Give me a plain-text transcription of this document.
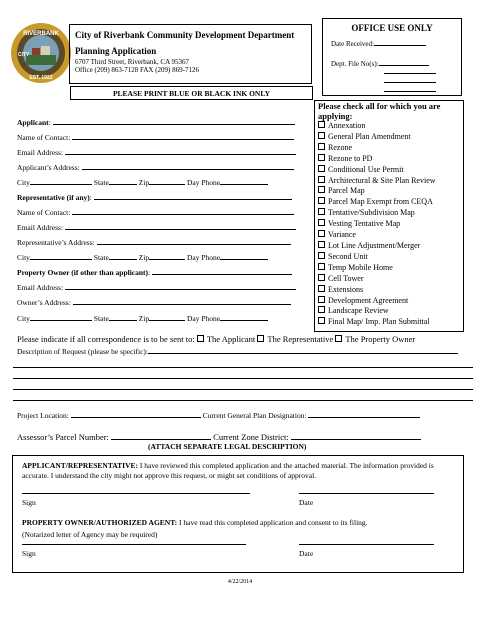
RIVERBANK
EST. 1922
CITY
City of Riverbank Community Development Department
Planning Application
6707 Third Street, Riverbank, CA 95367
Office (209) 863-7128 FAX (209) 869-7126
OFFICE USE ONLY
Date Received:
Dept. File No(s):
PLEASE PRINT BLUE OR BLACK INK ONLY
Applicant:
Name of Contact:
Email Address:
Applicant’s Address:
City	State	Zip	Day Phone
Representative (if any):
Name of Contact:
Email Address:
Representative’s Address:
City	State	Zip	Day Phone
Property Owner (if other than applicant):
Email Address:
Owner’s Address:
City	State	Zip	Day Phone
Please check all for which you are applying:
Annexation
General Plan Amendment
Rezone
Rezone to PD
Conditional Use Permit
Architectural & Site Plan Review
Parcel Map
Parcel Map Exempt from CEQA
Tentative/Subdivision Map
Vesting Tentative Map
Variance
Lot Line Adjustment/Merger
Second Unit
Temp Mobile Home
Cell Tower
Extensions
Development Agreement
Landscape Review
Final Map/ Imp. Plan Submittal
Please indicate if all correspondence is to be sent to: The Applicant The Representative The Property Owner
Description of Request (please be specific):
Project Location:	Current General Plan Designation:
Assessor’s Parcel Number:	Current Zone District:
(ATTACH SEPARATE LEGAL DESCRIPTION)
APPLICANT/REPRESENTATIVE: I have reviewed this completed application and the attached material. The information provided is accurate. I understand the city might not approve this request, or might set conditions of approval.
Sign	Date
PROPERTY OWNER/AUTHORIZED AGENT: I have read this completed application and consent to its filing.
(Notarized letter of Agency may be required)
Sign	Date
4/22/2014
